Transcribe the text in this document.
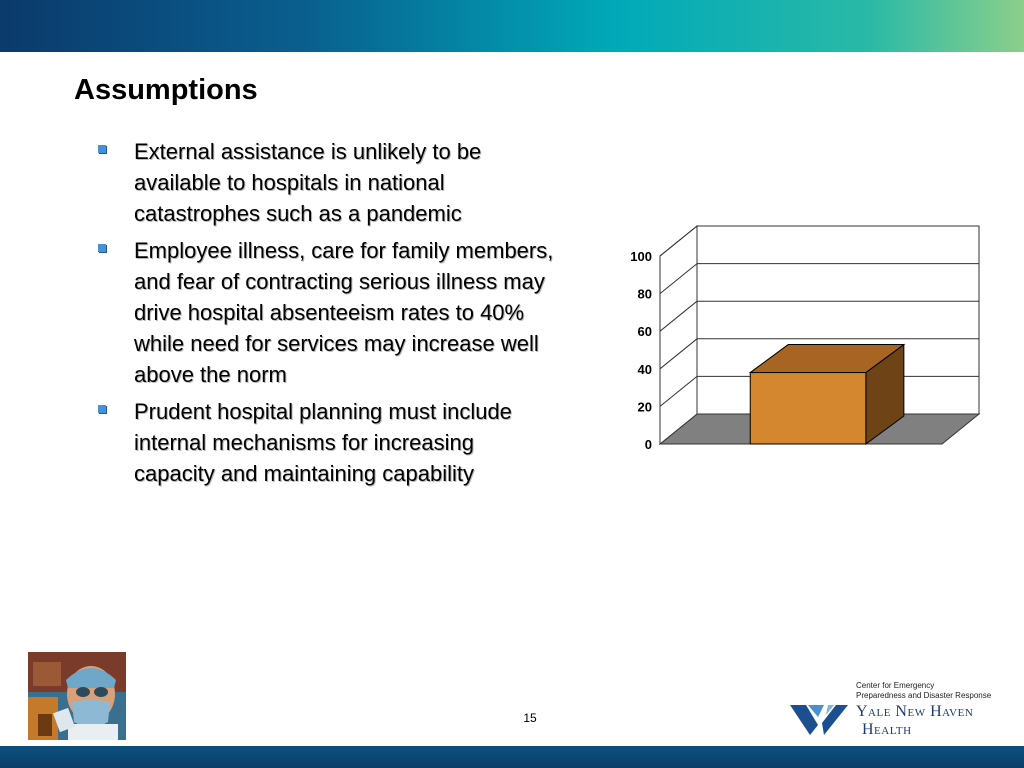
Assumptions
External assistance is unlikely to be available to hospitals in national catastrophes such as a pandemic
Employee illness, care for family members, and fear of contracting serious illness may drive hospital absenteeism rates to 40% while need for services may increase well above the norm
Prudent hospital planning must include internal mechanisms for increasing capacity and maintaining capability
0
20
40
60
80
100
15
Center for Emergency
Preparedness and Disaster Response
Yale New Haven
Health
